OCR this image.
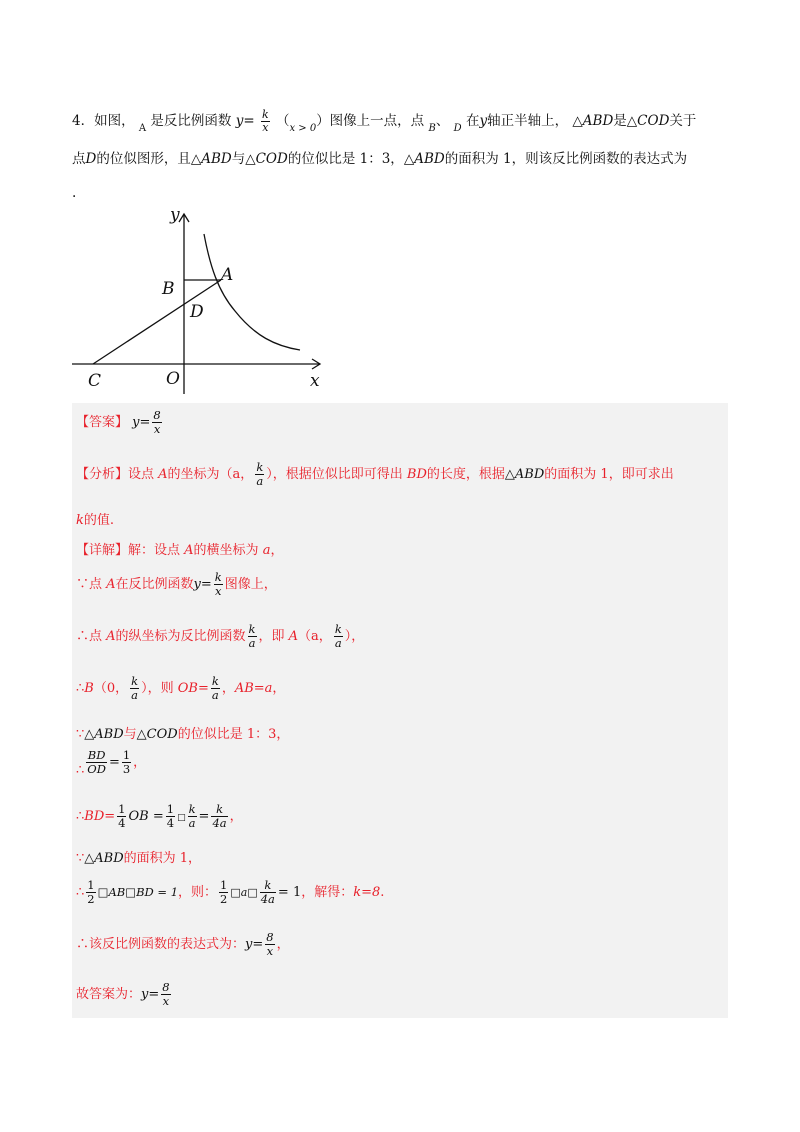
4．如图， $_A$ 是反比例函数 $y= \frac{k}{x} (_{x > 0})$图像上一点，点 $_B$、 $_D$ 在y轴正半轴上， △ABD是△COD关于
点D的位似图形，且△ABD与△COD的位似比是 1：3，△ABD的面积为 1，则该反比例函数的表达式为
.
y
x
A
B
D
C	O
【答案】 $y= \frac{8}{x}$
【分析】设点 A的坐标为（a， $\frac{k}{a}$ ），根据位似比即可得出 BD的长度，根据△ABD的面积为 1，即可求出
k的值.
【详解】解：设点 A的横坐标为 a，
∵点 A在反比例函数$y= \frac{k}{x}$ 图像上，
∴点 A的纵坐标为反比例函数 $\frac{k}{a}$ ，即 A（a， $\frac{k}{a}$ ），
∴B（0， $\frac{k}{a}$ ），则 $OB= \frac{k}{a}$ ，AB=a，
∵△ABD与△COD的位似比是 1：3，
∴ $\frac{BD}{OD} = \frac{1}{3}$ ，
∴BD= $\frac{1}{4}$ OB = $\frac{1}{4}$ □ $\frac{k}{a} = \frac{k}{4a}$ ，
∵△ABD的面积为 1，
∴ $\frac{1}{2}$ □AB□BD = 1，则： $\frac{1}{2}$ □a□ $\frac{k}{4a} = 1$，解得：k=8.
∴该反比例函数的表达式为：$y= \frac{8}{x}$ ，
故答案为：$y= \frac{8}{x}$
